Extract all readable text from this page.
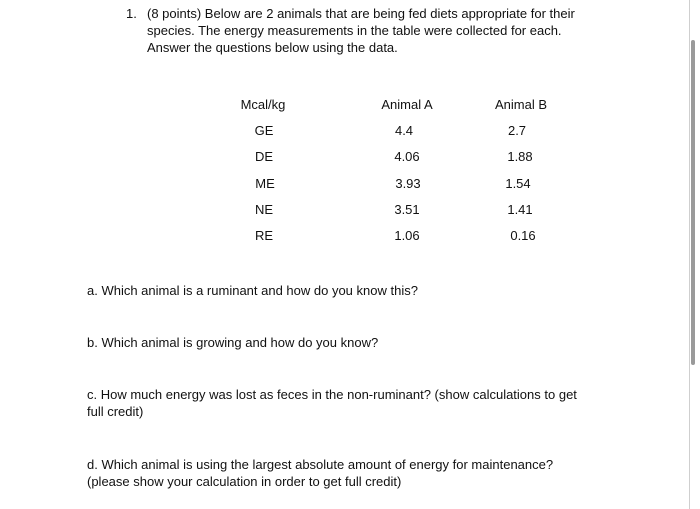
1. (8 points) Below are 2 animals that are being fed diets appropriate for their species. The energy measurements in the table were collected for each. Answer the questions below using the data.
Mcal/kg	Animal A	Animal B
GE	4.4	2.7
DE	4.06	1.88
ME	3.93	1.54
NE	3.51	1.41
RE	1.06	0.16
a. Which animal is a ruminant and how do you know this?
b. Which animal is growing and how do you know?
c. How much energy was lost as feces in the non-ruminant? (show calculations to get full credit)
d. Which animal is using the largest absolute amount of energy for maintenance? (please show your calculation in order to get full credit)
